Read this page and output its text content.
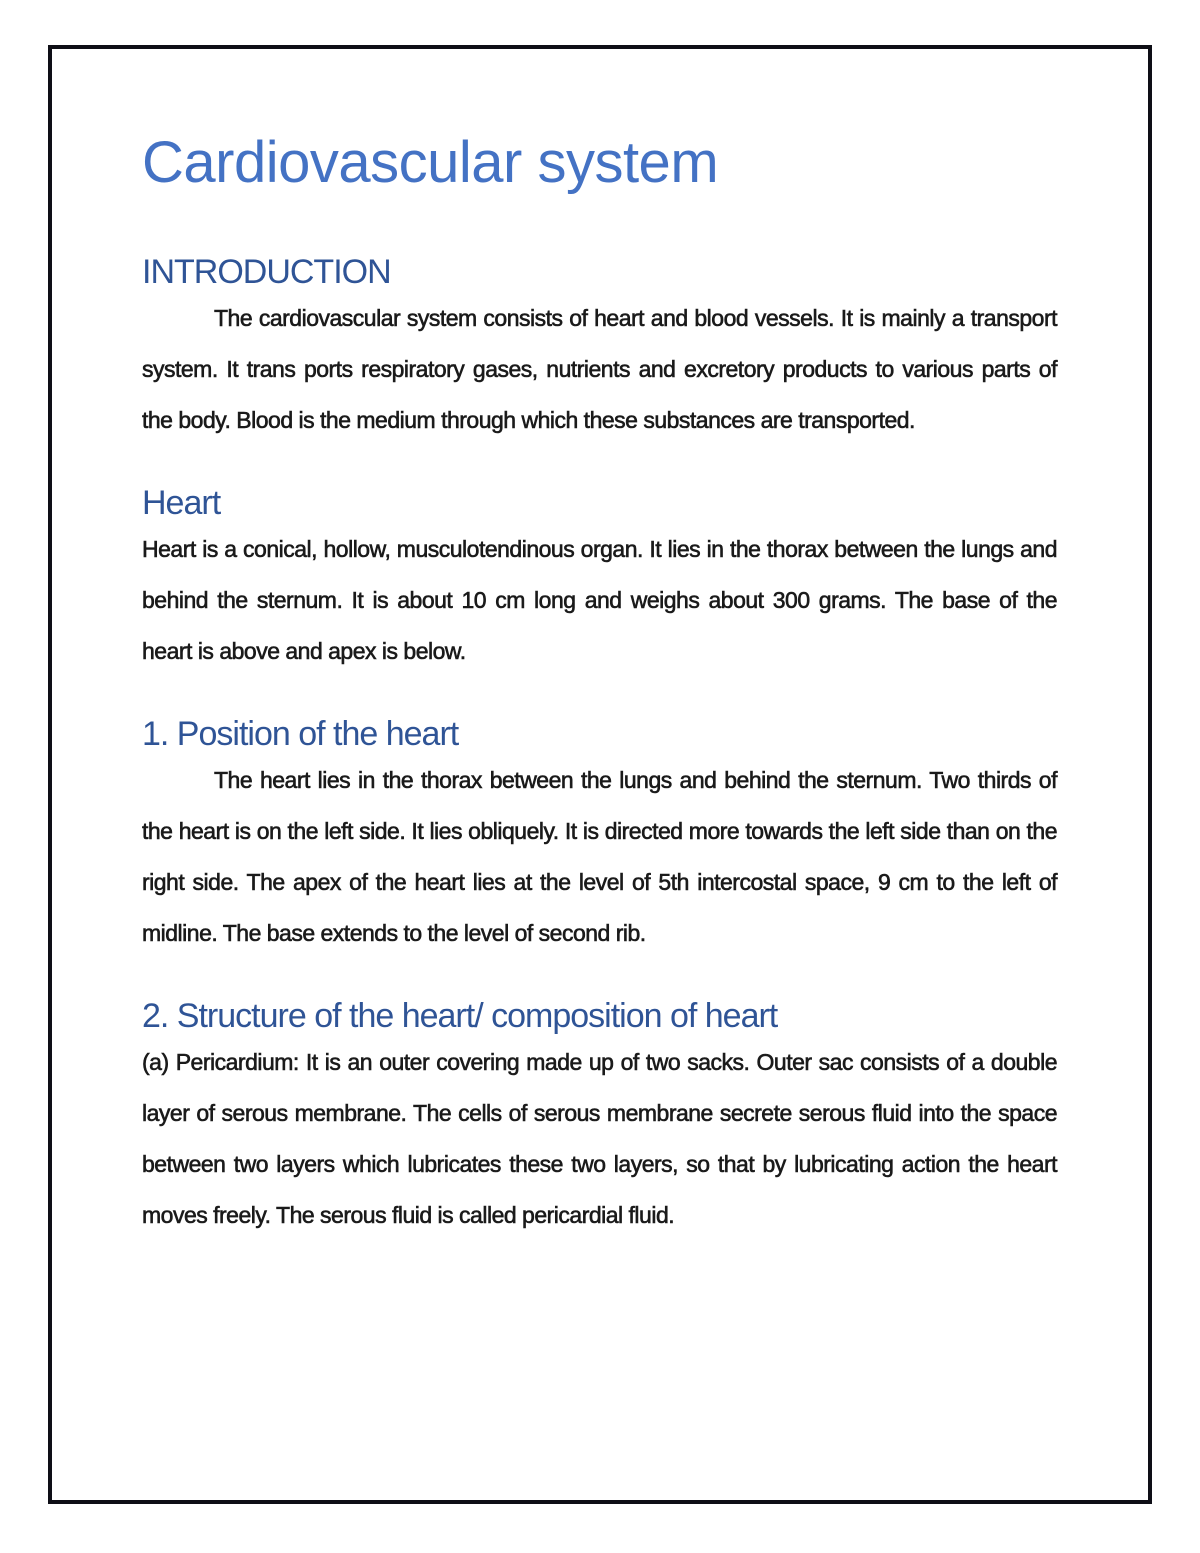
Cardiovascular system
INTRODUCTION

The cardiovascular system consists of heart and blood vessels. It is mainly a transport system. It trans ports respiratory gases, nutrients and excretory products to various parts of the body. Blood is the medium through which these substances are transported.

Heart

Heart is a conical, hollow, musculotendinous organ. It lies in the thorax between the lungs and behind the sternum. It is about 10 cm long and weighs about 300 grams. The base of the heart is above and apex is below.

1. Position of the heart

The heart lies in the thorax between the lungs and behind the sternum. Two thirds of the heart is on the left side. It lies obliquely. It is directed more towards the left side than on the right side. The apex of the heart lies at the level of 5th intercostal space, 9 cm to the left of midline. The base extends to the level of second rib.

2. Structure of the heart/ composition of heart

(a) Pericardium: It is an outer covering made up of two sacks. Outer sac consists of a double layer of serous membrane. The cells of serous membrane secrete serous fluid into the space between two layers which lubricates these two layers, so that by lubricating action the heart moves freely. The serous fluid is called pericardial fluid.
